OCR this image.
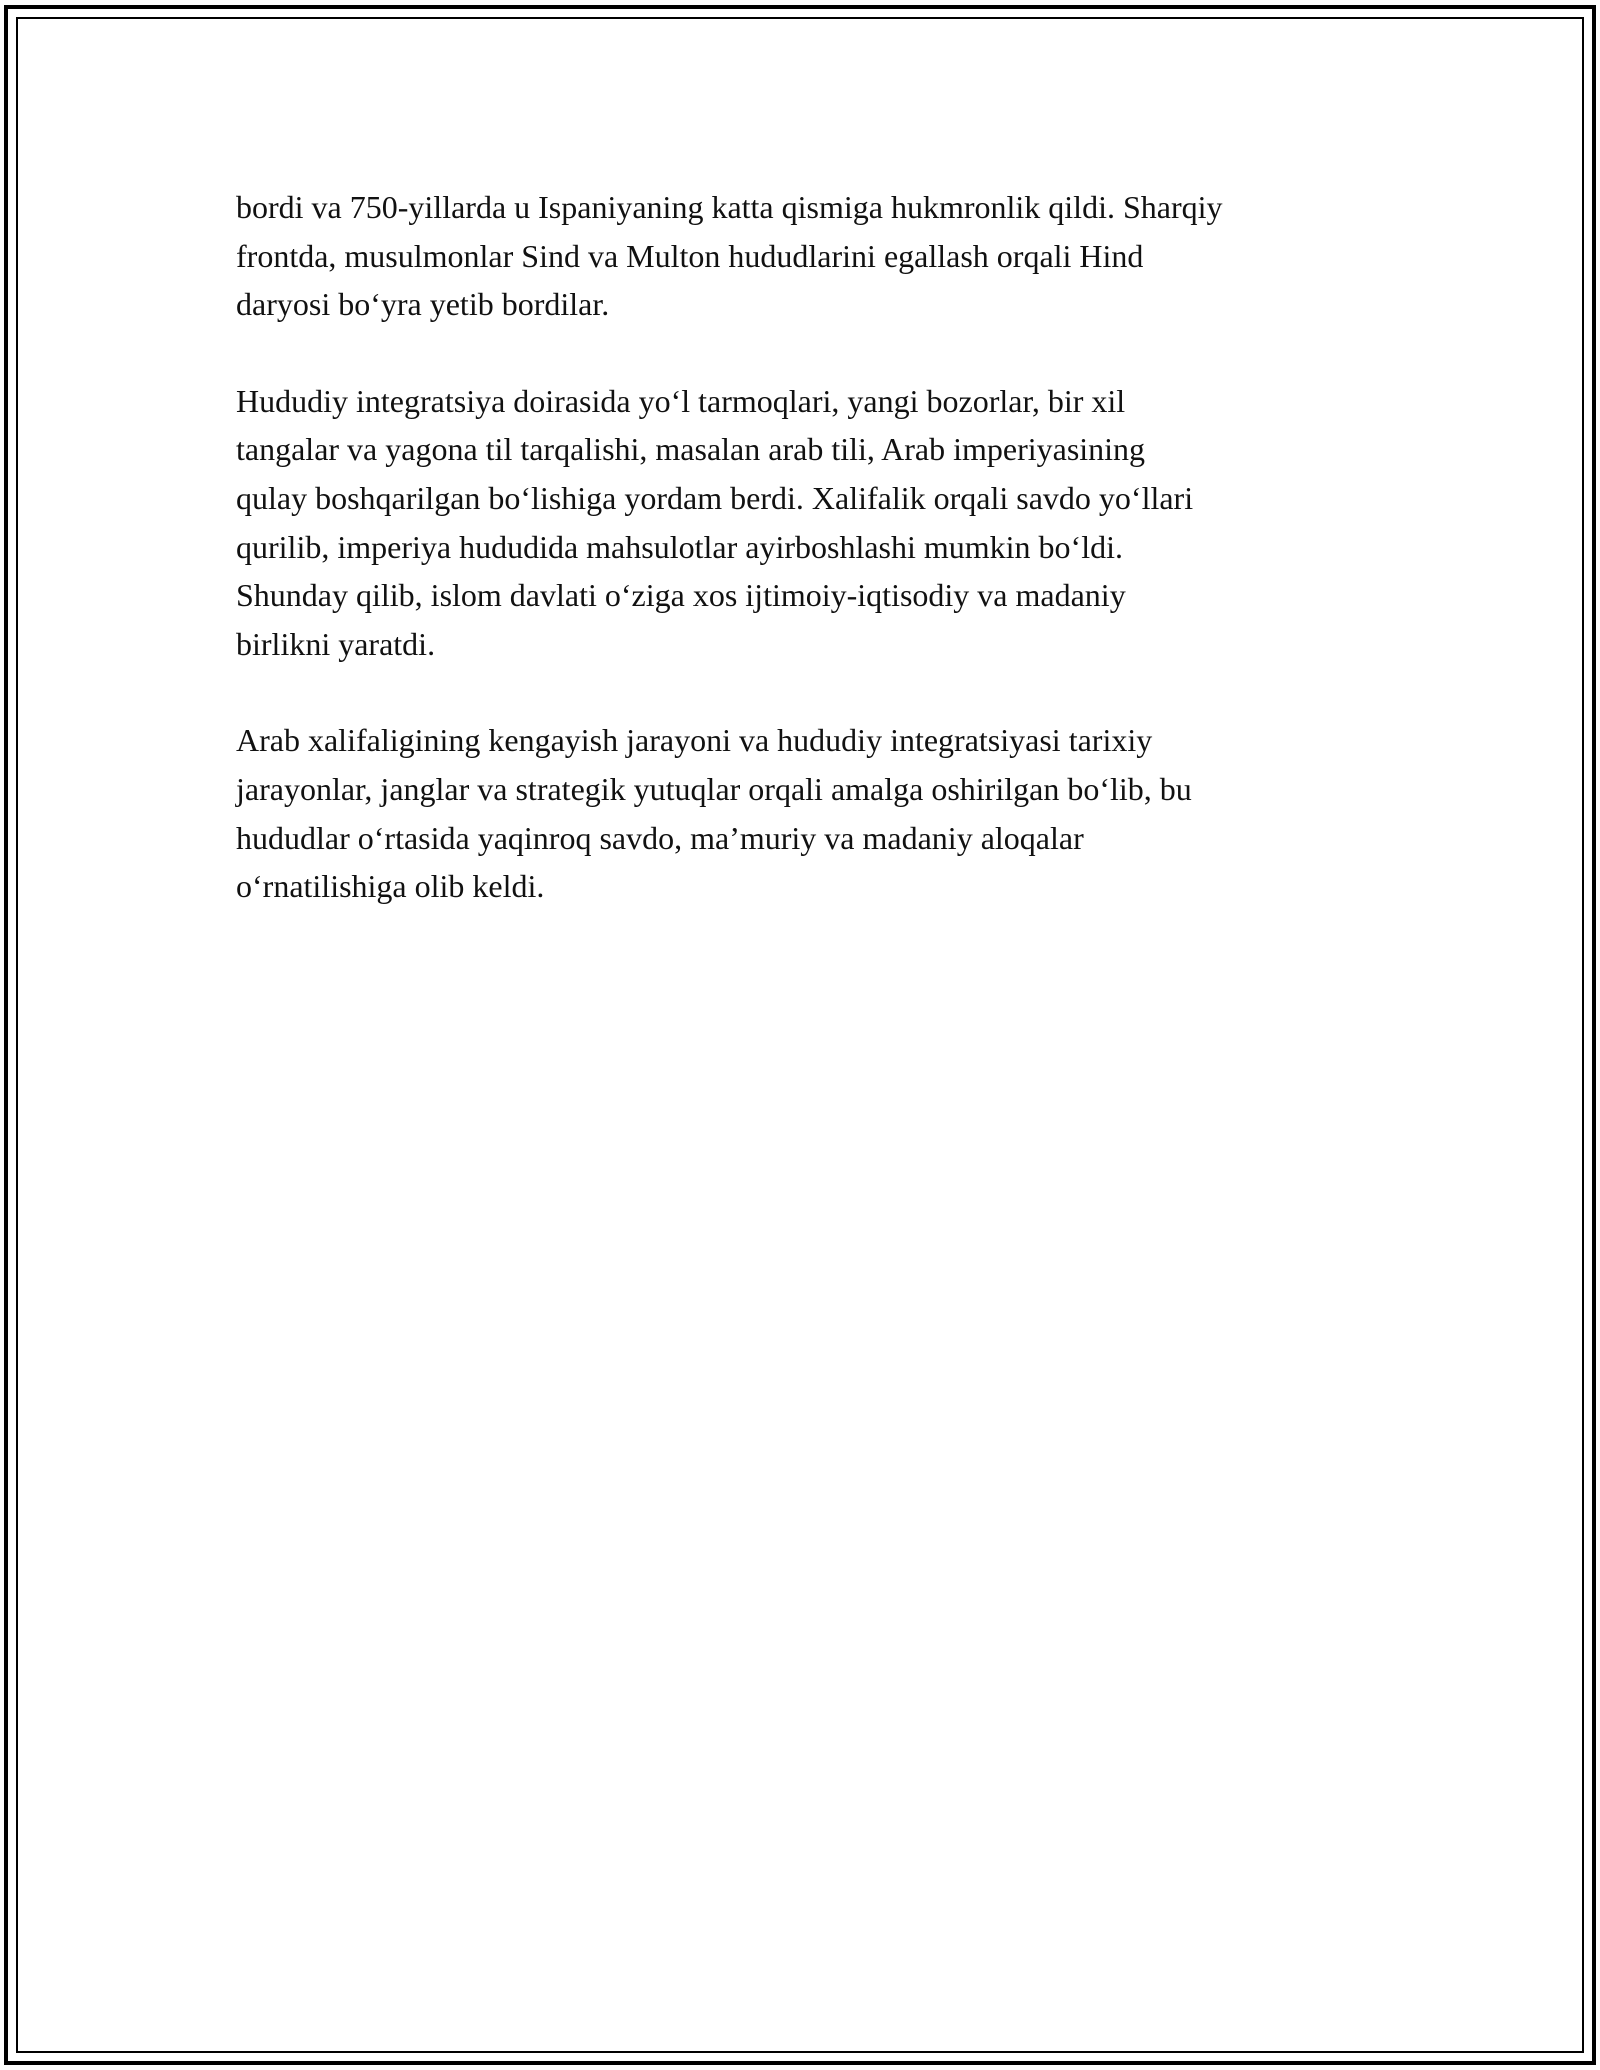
bordi va 750-yillarda u Ispaniyaning katta qismiga hukmronlik qildi. Sharqiy
frontda, musulmonlar Sind va Multon hududlarini egallash orqali Hind
daryosi bo‘yra yetib bordilar.

Hududiy integratsiya doirasida yo‘l tarmoqlari, yangi bozorlar, bir xil
tangalar va yagona til tarqalishi, masalan arab tili, Arab imperiyasining
qulay boshqarilgan bo‘lishiga yordam berdi. Xalifalik orqali savdo yo‘llari
qurilib, imperiya hududida mahsulotlar ayirboshlashi mumkin bo‘ldi.
Shunday qilib, islom davlati o‘ziga xos ijtimoiy-iqtisodiy va madaniy
birlikni yaratdi.

Arab xalifaligining kengayish jarayoni va hududiy integratsiyasi tarixiy
jarayonlar, janglar va strategik yutuqlar orqali amalga oshirilgan bo‘lib, bu
hududlar o‘rtasida yaqinroq savdo, ma’muriy va madaniy aloqalar
o‘rnatilishiga olib keldi.
